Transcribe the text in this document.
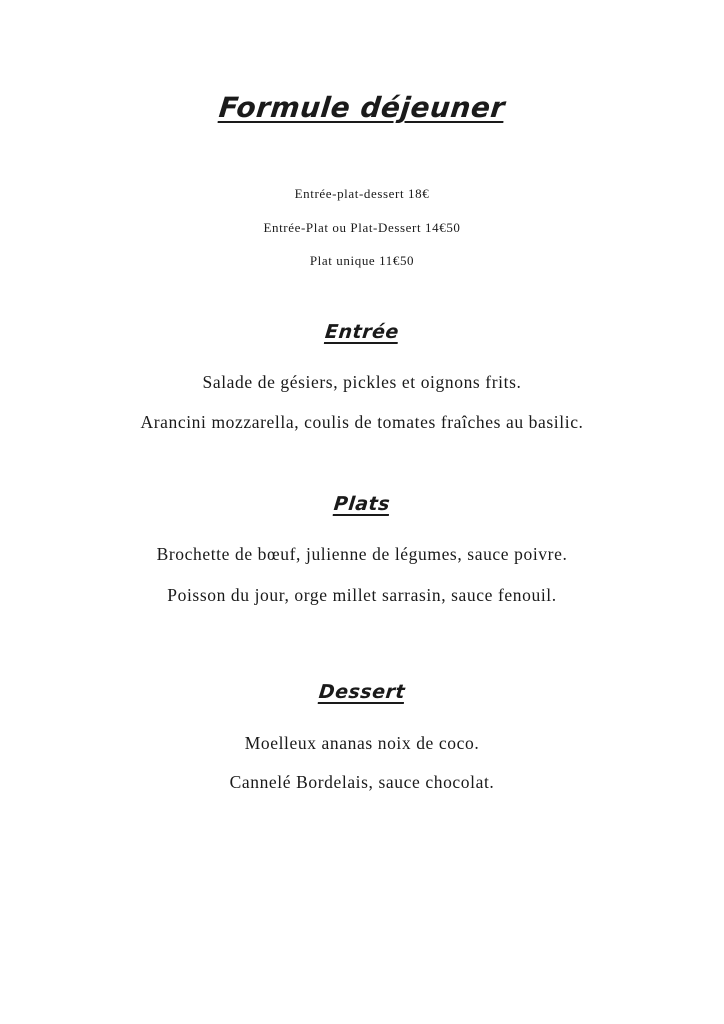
Formule déjeuner
Entrée-plat-dessert 18€
Entrée-Plat ou Plat-Dessert 14€50
Plat unique 11€50
Entrée
Salade de gésiers, pickles et oignons frits.
Arancini mozzarella, coulis de tomates fraîches au basilic.
Plats
Brochette de bœuf, julienne de légumes, sauce poivre.
Poisson du jour, orge millet sarrasin, sauce fenouil.
Dessert
Moelleux ananas noix de coco.
Cannelé Bordelais, sauce chocolat.
